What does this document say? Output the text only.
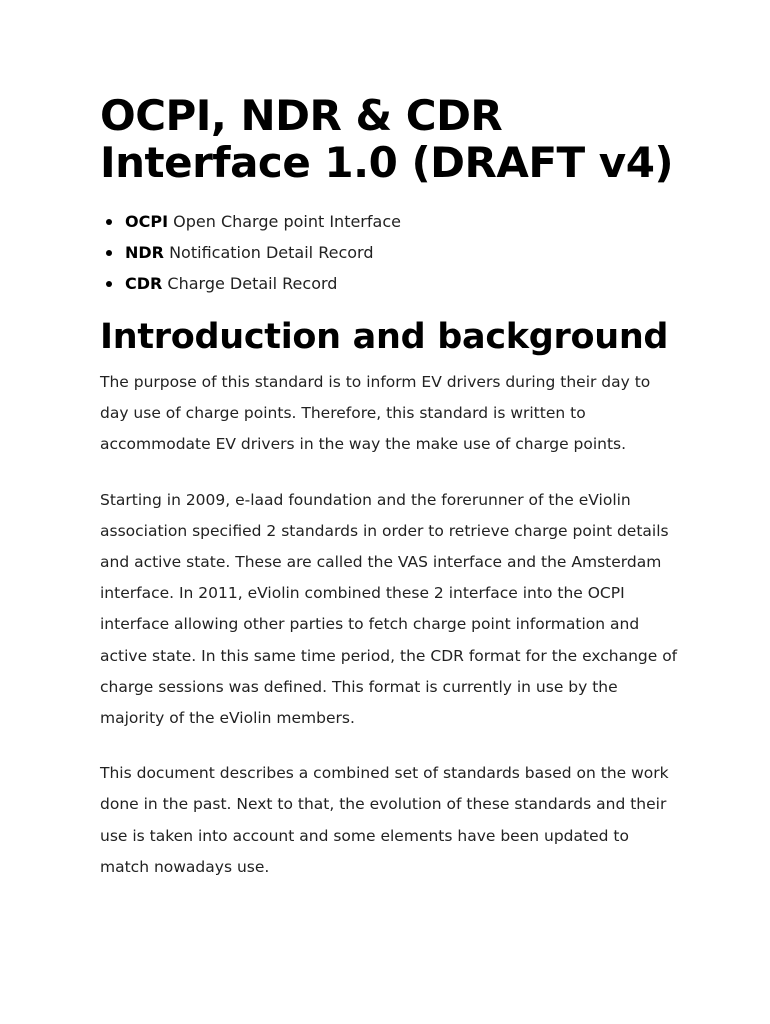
OCPI, NDR & CDR Interface 1.0 (DRAFT v4)
OCPI Open Charge point Interface
NDR Notification Detail Record
CDR Charge Detail Record
Introduction and background

The purpose of this standard is to inform EV drivers during their day to day use of charge points. Therefore, this standard is written to accommodate EV drivers in the way the make use of charge points.

Starting in 2009, e-laad foundation and the forerunner of the eViolin association specified 2 standards in order to retrieve charge point details and active state. These are called the VAS interface and the Amsterdam interface. In 2011, eViolin combined these 2 interface into the OCPI interface allowing other parties to fetch charge point information and active state. In this same time period, the CDR format for the exchange of charge sessions was defined. This format is currently in use by the majority of the eViolin members.

This document describes a combined set of standards based on the work done in the past. Next to that, the evolution of these standards and their use is taken into account and some elements have been updated to match nowadays use.
